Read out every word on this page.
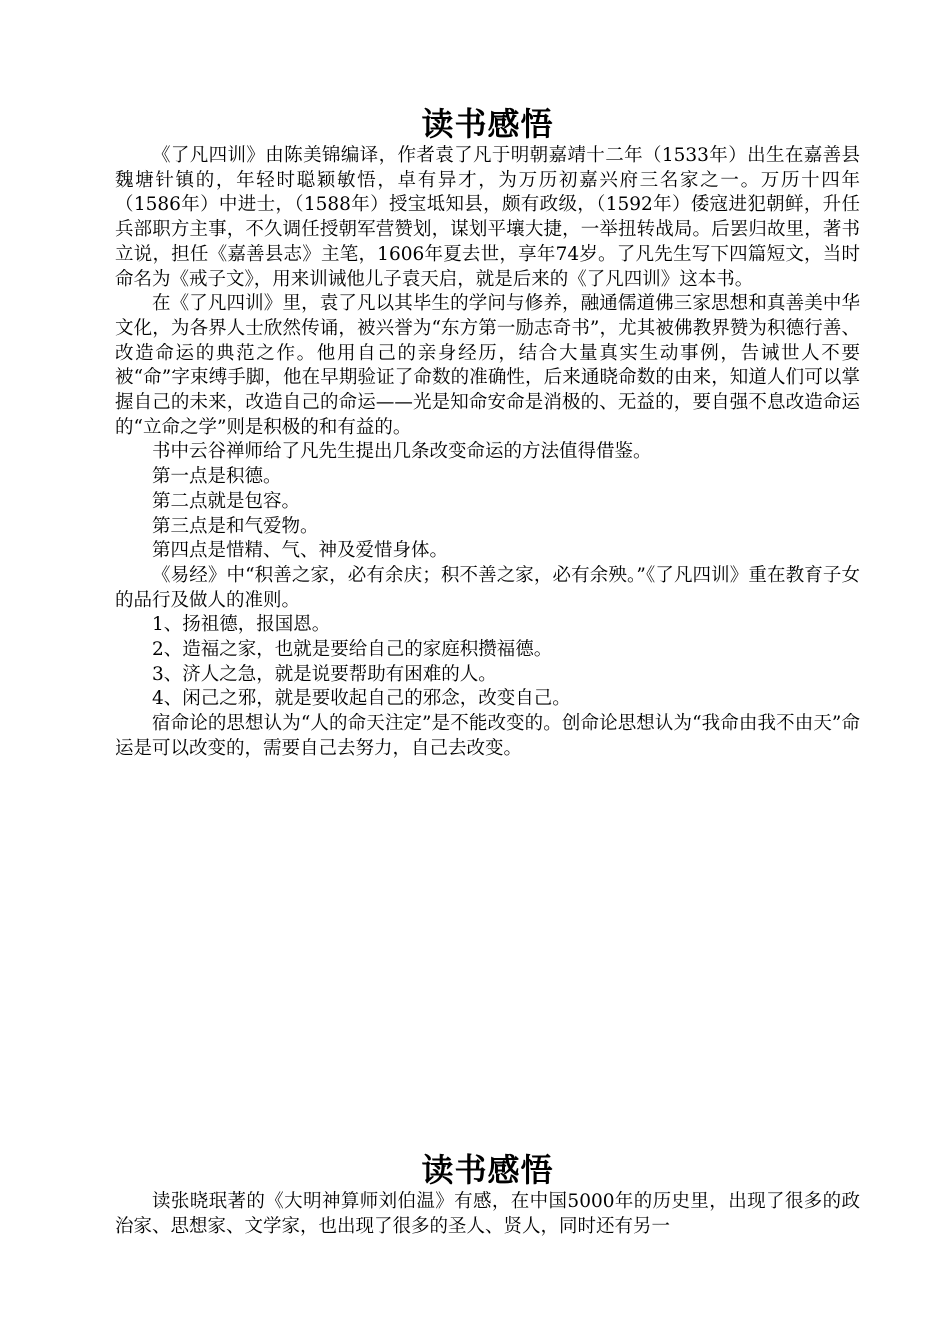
读书感悟

《了凡四训》由陈美锦编译，作者袁了凡于明朝嘉靖十二年（1533年）出生在嘉善县魏塘针镇的，年轻时聪颖敏悟，卓有异才，为万历初嘉兴府三名家之一。万历十四年（1586年）中进士，（1588年）授宝坻知县，颇有政级，（1592年）倭寇进犯朝鲜，升任兵部职方主事，不久调任授朝军营赞划，谋划平壤大捷，一举扭转战局。后罢归故里，著书立说，担任《嘉善县志》主笔，1606年夏去世，享年74岁。了凡先生写下四篇短文，当时命名为《戒子文》，用来训诫他儿子袁天启，就是后来的《了凡四训》这本书。

在《了凡四训》里，袁了凡以其毕生的学问与修养，融通儒道佛三家思想和真善美中华文化，为各界人士欣然传诵，被兴誉为“东方第一励志奇书”，尤其被佛教界赞为积德行善、改造命运的典范之作。他用自己的亲身经历，结合大量真实生动事例，告诫世人不要被“命”字束缚手脚，他在早期验证了命数的准确性，后来通晓命数的由来，知道人们可以掌握自己的未来，改造自己的命运——光是知命安命是消极的、无益的，要自强不息改造命运的“立命之学”则是积极的和有益的。

书中云谷禅师给了凡先生提出几条改变命运的方法值得借鉴。

第一点是积德。

第二点就是包容。

第三点是和气爱物。

第四点是惜精、气、神及爱惜身体。

《易经》中“积善之家，必有余庆；积不善之家，必有余殃。”《了凡四训》重在教育子女的品行及做人的准则。

1、扬祖德，报国恩。

2、造福之家，也就是要给自己的家庭积攒福德。

3、济人之急，就是说要帮助有困难的人。

4、闲己之邪，就是要收起自己的邪念，改变自己。

宿命论的思想认为“人的命天注定”是不能改变的。创命论思想认为“我命由我不由天”命运是可以改变的，需要自己去努力，自己去改变。

读书感悟

读张晓珉著的《大明神算师刘伯温》有感，在中国5000年的历史里，出现了很多的政治家、思想家、文学家，也出现了很多的圣人、贤人，同时还有另一
